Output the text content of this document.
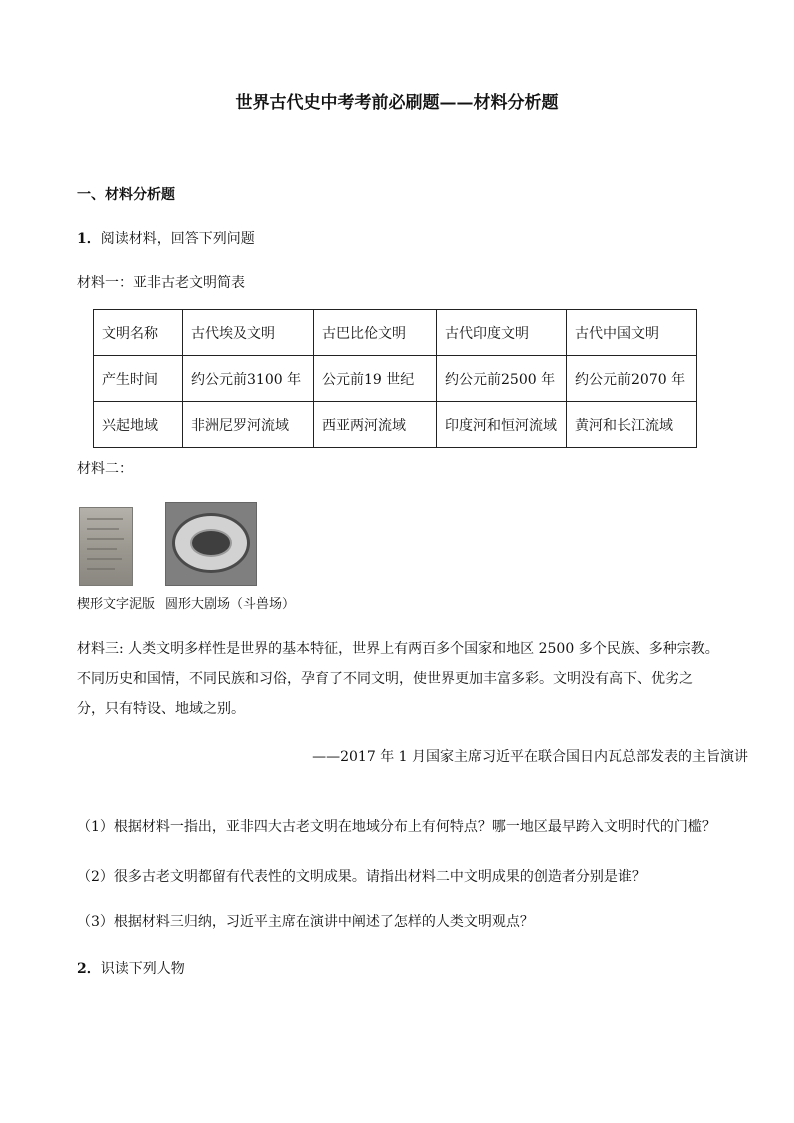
世界古代史中考考前必刷题——材料分析题
一、材料分析题
1．阅读材料，回答下列问题
材料一：亚非古老文明简表
文明名称	古代埃及文明	古巴比伦文明	古代印度文明	古代中国文明
产生时间	约公元前3100 年	公元前19 世纪	约公元前2500 年	约公元前2070 年
兴起地域	非洲尼罗河流域	西亚两河流域	印度河和恒河流域	黄河和长江流域
材料二：
楔形文字泥版 圆形大剧场（斗兽场）
材料三: 人类文明多样性是世界的基本特征，世界上有两百多个国家和地区 2500 多个民族、多种宗教。不同历史和国情，不同民族和习俗，孕育了不同文明，使世界更加丰富多彩。文明没有高下、优劣之分，只有特设、地域之别。
——2017 年 1 月国家主席习近平在联合国日内瓦总部发表的主旨演讲
（1）根据材料一指出，亚非四大古老文明在地域分布上有何特点？哪一地区最早跨入文明时代的门槛？
（2）很多古老文明都留有代表性的文明成果。请指出材料二中文明成果的创造者分别是谁？
（3）根据材料三归纳，习近平主席在演讲中阐述了怎样的人类文明观点？
2．识读下列人物
